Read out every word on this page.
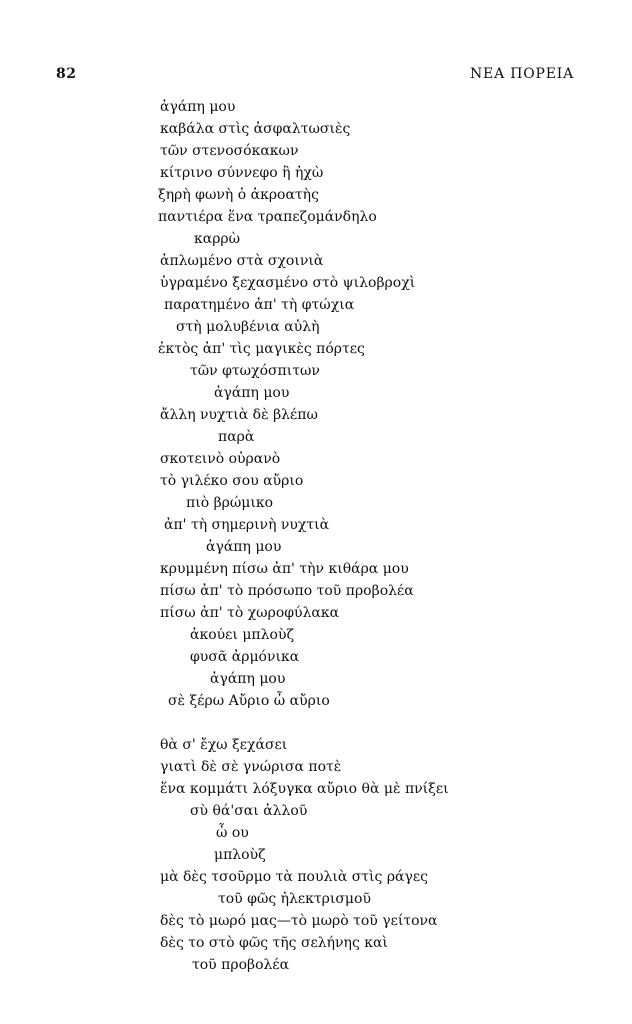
82	ΝΕΑ ΠΟΡΕΙΑ
ἀγάπη μου
καβάλα στὶς ἀσφαλτωσιὲς
τῶν στενοσόκακων
κίτρινο σύννεφο ἢ ἠχὼ
ξηρὴ φωνὴ ὁ ἀκροατὴς
παντιέρα ἕνα τραπεζομάνδηλο
καρρὼ
ἁπλωμένο στὰ σχοινιὰ
ὑγραμένο ξεχασμένο στὸ ψιλοβροχὶ
παρατημένο ἀπ' τὴ φτώχια
στὴ μολυβένια αὐλὴ
ἐκτὸς ἀπ' τὶς μαγικὲς πόρτες
τῶν φτωχόσπιτων
ἀγάπη μου
ἄλλη νυχτιὰ δὲ βλέπω
παρὰ
σκοτεινὸ οὐρανὸ
τὸ γιλέκο σου αὔριο
πιὸ βρώμικο
ἀπ' τὴ σημερινὴ νυχτιὰ
ἀγάπη μου
κρυμμένη πίσω ἀπ' τὴν κιθάρα μου
πίσω ἀπ' τὸ πρόσωπο τοῦ προβολέα
πίσω ἀπ' τὸ χωροφύλακα
ἀκούει μπλοὺζ
φυσᾶ ἀρμόνικα
ἀγάπη μου
σὲ ξέρω Αὔριο ὦ αὔριο
θὰ σ' ἔχω ξεχάσει
γιατὶ δὲ σὲ γνώρισα ποτὲ
ἕνα κομμάτι λόξυγκα αὔριο θὰ μὲ πνίξει
σὺ θά'σαι ἀλλοῦ
ὦ ου
μπλοὺζ
μὰ δὲς τσοῦρμο τὰ πουλιὰ στὶς ράγες
τοῦ φῶς ἠλεκτρισμοῦ
δὲς τὸ μωρό μας—τὸ μωρὸ τοῦ γείτονα
δὲς το στὸ φῶς τῆς σελήνης καὶ
τοῦ προβολέα
